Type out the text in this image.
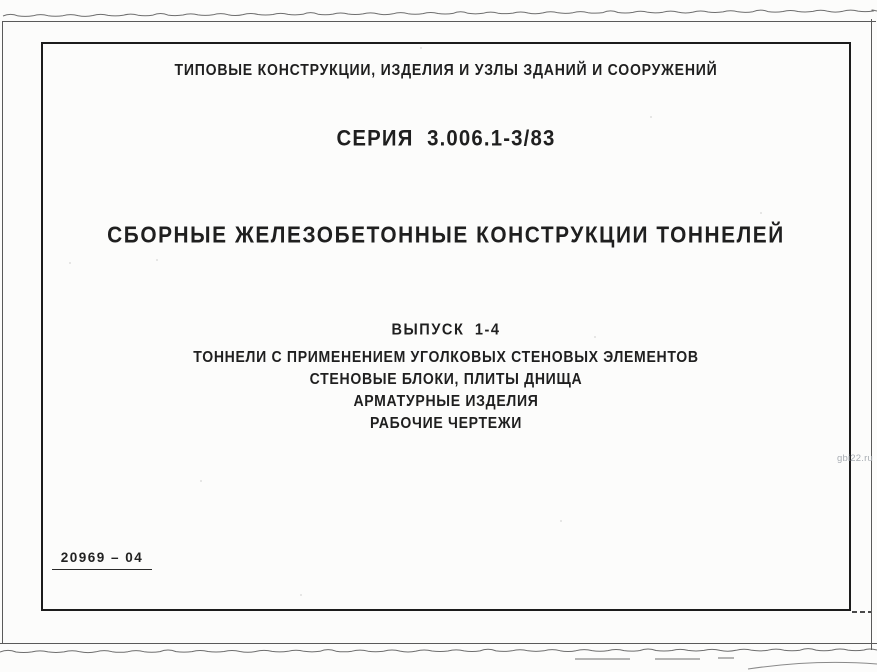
ТИПОВЫЕ КОНСТРУКЦИИ, ИЗДЕЛИЯ И УЗЛЫ ЗДАНИЙ И СООРУЖЕНИЙ
СЕРИЯ 3.006.1-3/83
СБОРНЫЕ ЖЕЛЕЗОБЕТОННЫЕ КОНСТРУКЦИИ ТОННЕЛЕЙ
ВЫПУСК 1-4
ТОННЕЛИ С ПРИМЕНЕНИЕМ УГОЛКОВЫХ СТЕНОВЫХ ЭЛЕМЕНТОВ
СТЕНОВЫЕ БЛОКИ, ПЛИТЫ ДНИЩА
АРМАТУРНЫЕ ИЗДЕЛИЯ
РАБОЧИЕ ЧЕРТЕЖИ
20969 – 04
gbi22.ru
